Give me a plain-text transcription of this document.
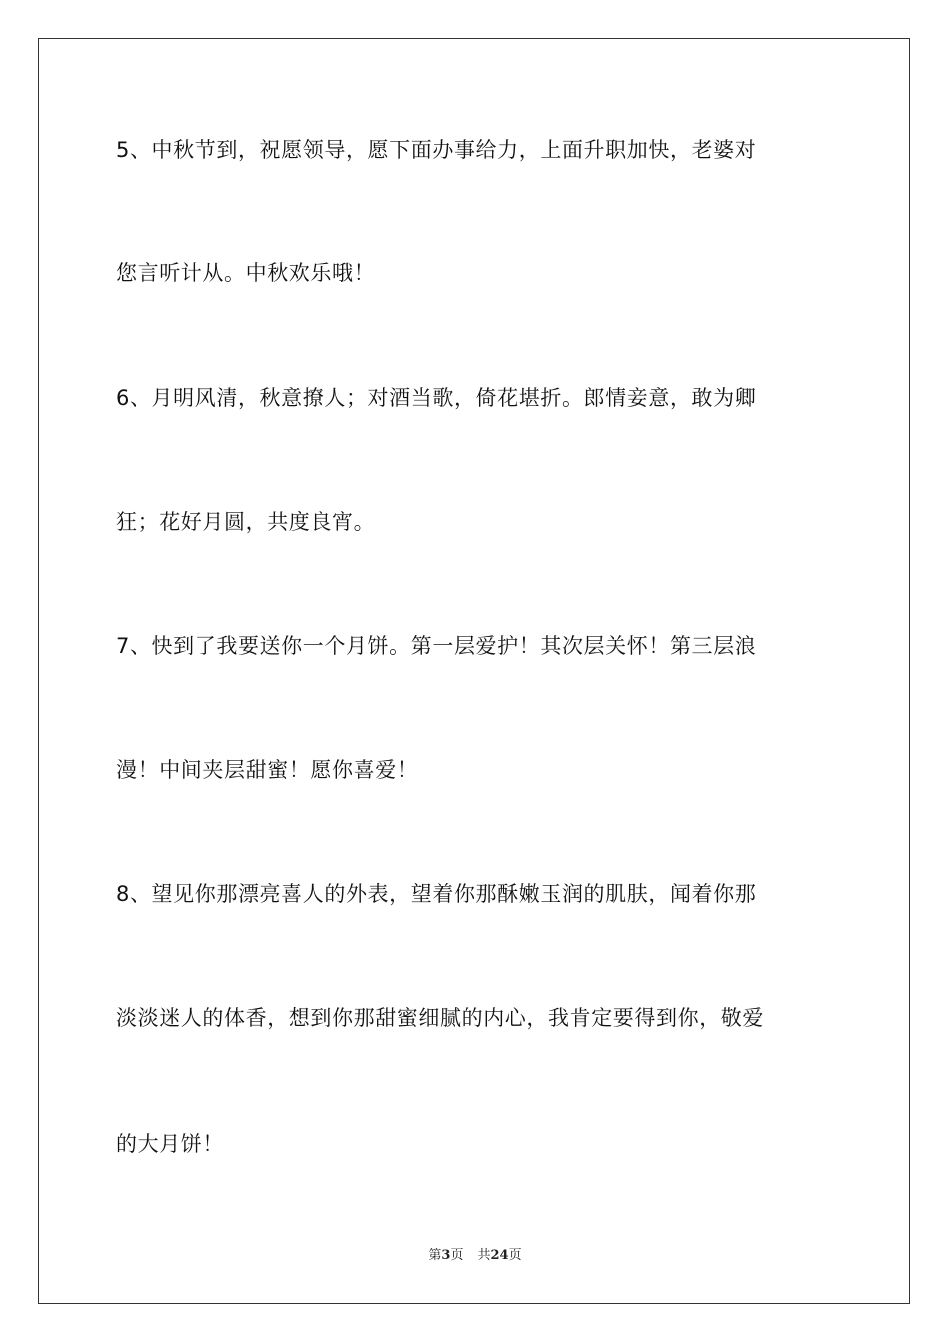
5、中秋节到，祝愿领导，愿下面办事给力，上面升职加快，老婆对

您言听计从。中秋欢乐哦！

6、月明风清，秋意撩人；对酒当歌，倚花堪折。郎情妾意，敢为卿

狂；花好月圆，共度良宵。

7、快到了我要送你一个月饼。第一层爱护！其次层关怀！第三层浪

漫！中间夹层甜蜜！愿你喜爱！

8、望见你那漂亮喜人的外表，望着你那酥嫩玉润的肌肤，闻着你那

淡淡迷人的体香，想到你那甜蜜细腻的内心，我肯定要得到你，敬爱

的大月饼！

第3页 共24页
